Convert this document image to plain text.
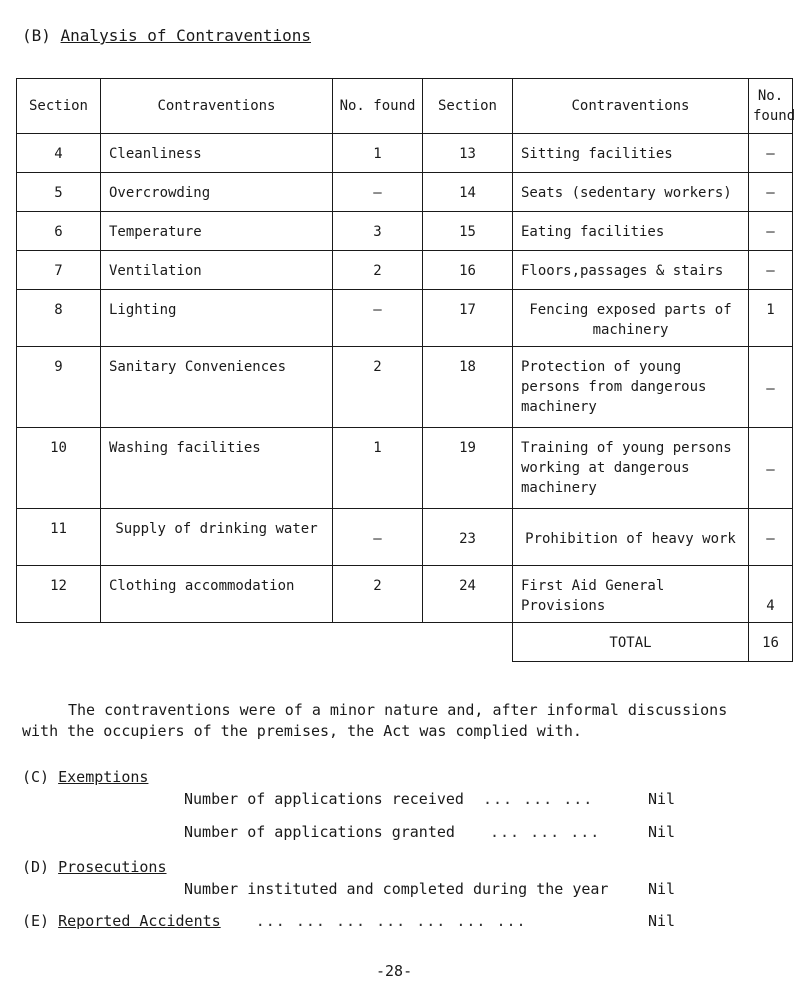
(B) Analysis of Contraventions
Section	Contraventions	No. found	Section	Contraventions	No. found
4	Cleanliness	1	13	Sitting facilities	–
5	Overcrowding	–	14	Seats (sedentary workers)	–
6	Temperature	3	15	Eating facilities	–
7	Ventilation	2	16	Floors,passages & stairs	–
8	Lighting	–	17	Fencing exposed parts of machinery	1
9	Sanitary Conveniences	2	18	Protection of young persons from dangerous machinery	–
10	Washing facilities	1	19	Training of young persons working at dangerous machinery	–
11	Supply of drinking water	–	23	Prohibition of heavy work	–
12	Clothing accommodation	2	24	First Aid General Provisions	4
				TOTAL	16
The contraventions were of a minor nature and, after informal discussions
with the occupiers of the premises, the Act was complied with.
(C) Exemptions
Number of applications received ... ... ...	Nil
Number of applications granted ... ... ...	Nil
(D) Prosecutions
Number instituted and completed during the year	Nil
(E) Reported Accidents ... ... ... ... ... ... ...	Nil
-28-
